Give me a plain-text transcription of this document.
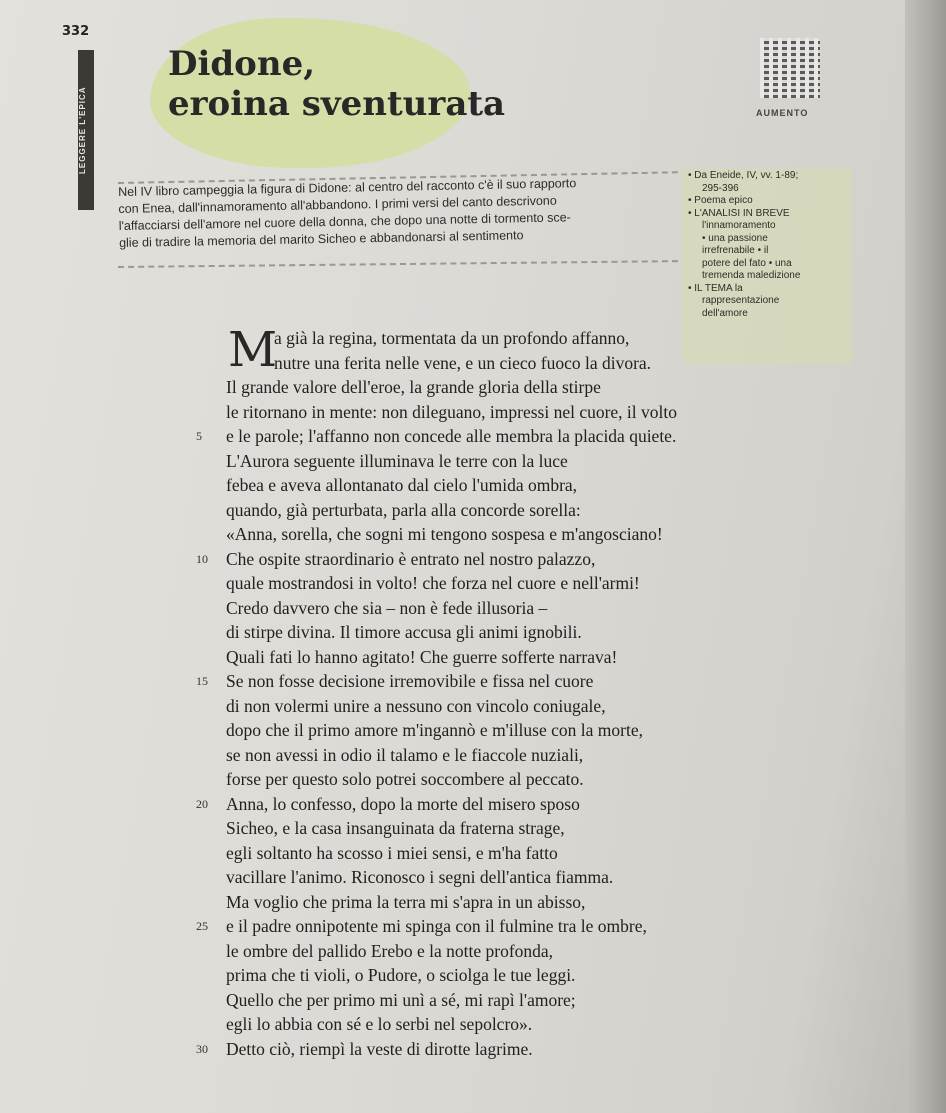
332
LEGGERE L'EPICA
Didone,
eroina sventurata	AUMENTO

Nel IV libro campeggia la figura di Didone: al centro del racconto c'è il suo rapporto

con Enea, dall'innamoramento all'abbandono. I primi versi del canto descrivono

l'affacciarsi dell'amore nel cuore della donna, che dopo una notte di tormento sce-

glie di tradire la memoria del marito Sicheo e abbandonarsi al sentimento

• Da Eneide, IV, vv. 1-89;
295-396
• Poema epico
• L'ANALISI IN BREVE
l'innamoramento
• una passione
irrefrenabile • il
potere del fato • una
tremenda maledizione
• IL TEMA la
rappresentazione
dell'amore
M
a già la regina, tormentata da un profondo affanno,
nutre una ferita nelle vene, e un cieco fuoco la divora.
Il grande valore dell'eroe, la grande gloria della stirpe
le ritornano in mente: non dileguano, impressi nel cuore, il volto
e le parole; l'affanno non concede alle membra la placida quiete.
L'Aurora seguente illuminava le terre con la luce
febea e aveva allontanato dal cielo l'umida ombra,
quando, già perturbata, parla alla concorde sorella:
«Anna, sorella, che sogni mi tengono sospesa e m'angosciano!
Che ospite straordinario è entrato nel nostro palazzo,
quale mostrandosi in volto! che forza nel cuore e nell'armi!
Credo davvero che sia – non è fede illusoria –
di stirpe divina. Il timore accusa gli animi ignobili.
Quali fati lo hanno agitato! Che guerre sofferte narrava!
Se non fosse decisione irremovibile e fissa nel cuore
di non volermi unire a nessuno con vincolo coniugale,
dopo che il primo amore m'ingannò e m'illuse con la morte,
se non avessi in odio il talamo e le fiaccole nuziali,
forse per questo solo potrei soccombere al peccato.
Anna, lo confesso, dopo la morte del misero sposo
Sicheo, e la casa insanguinata da fraterna strage,
egli soltanto ha scosso i miei sensi, e m'ha fatto
vacillare l'animo. Riconosco i segni dell'antica fiamma.
Ma voglio che prima la terra mi s'apra in un abisso,
e il padre onnipotente mi spinga con il fulmine tra le ombre,
le ombre del pallido Erebo e la notte profonda,
prima che ti violi, o Pudore, o sciolga le tue leggi.
Quello che per primo mi unì a sé, mi rapì l'amore;
egli lo abbia con sé e lo serbi nel sepolcro».
Detto ciò, riempì la veste di dirotte lagrime.
5
10
15
20
25
30
